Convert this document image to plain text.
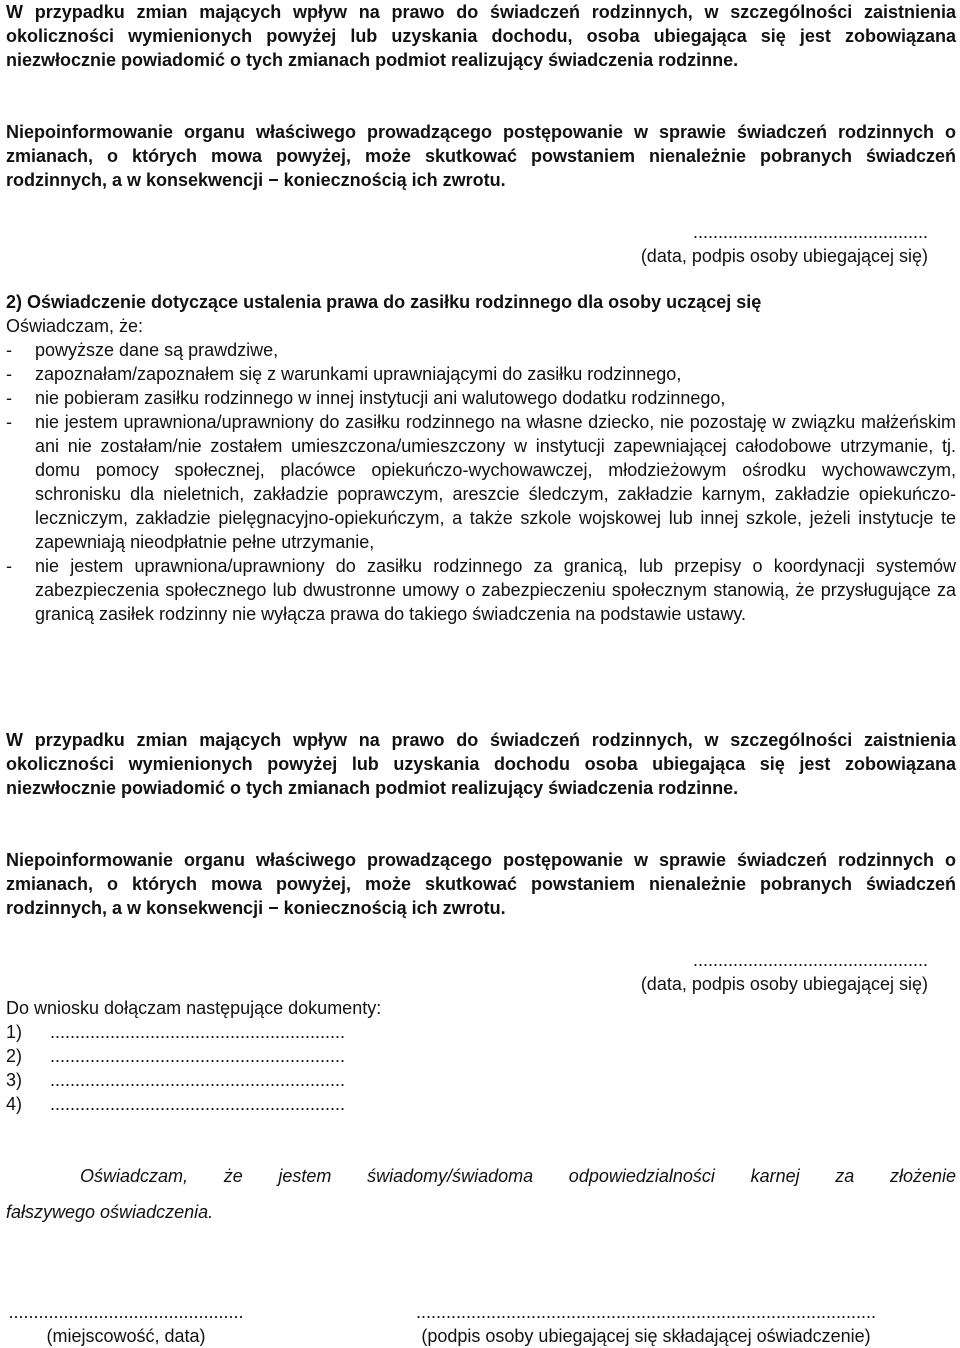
W przypadku zmian mających wpływ na prawo do świadczeń rodzinnych, w szczególności zaistnienia okoliczności wymienionych powyżej lub uzyskania dochodu, osoba ubiegająca się jest zobowiązana niezwłocznie powiadomić o tych zmianach podmiot realizujący świadczenia rodzinne.

Niepoinformowanie organu właściwego prowadzącego postępowanie w sprawie świadczeń rodzinnych o zmianach, o których mowa powyżej, może skutkować powstaniem nienależnie pobranych świadczeń rodzinnych, a w konsekwencji − koniecznością ich zwrotu.

...............................................
(data, podpis osoby ubiegającej się)
2) Oświadczenie dotyczące ustalenia prawa do zasiłku rodzinnego dla osoby uczącej się
Oświadczam, że:
- powyższe dane są prawdziwe,
- zapoznałam/zapoznałem się z warunkami uprawniającymi do zasiłku rodzinnego,
- nie pobieram zasiłku rodzinnego w innej instytucji ani walutowego dodatku rodzinnego,
- nie jestem uprawniona/uprawniony do zasiłku rodzinnego na własne dziecko, nie pozostaję w związku małżeńskim ani nie zostałam/nie zostałem umieszczona/umieszczony w instytucji zapewniającej całodobowe utrzymanie, tj. domu pomocy społecznej, placówce opiekuńczo-wychowawczej, młodzieżowym ośrodku wychowawczym, schronisku dla nieletnich, zakładzie poprawczym, areszcie śledczym, zakładzie karnym, zakładzie opiekuńczo-leczniczym, zakładzie pielęgnacyjno-opiekuńczym, a także szkole wojskowej lub innej szkole, jeżeli instytucje te zapewniają nieodpłatnie pełne utrzymanie,
- nie jestem uprawniona/uprawniony do zasiłku rodzinnego za granicą, lub przepisy o koordynacji systemów zabezpieczenia społecznego lub dwustronne umowy o zabezpieczeniu społecznym stanowią, że przysługujące za granicą zasiłek rodzinny nie wyłącza prawa do takiego świadczenia na podstawie ustawy.

W przypadku zmian mających wpływ na prawo do świadczeń rodzinnych, w szczególności zaistnienia okoliczności wymienionych powyżej lub uzyskania dochodu osoba ubiegająca się jest zobowiązana niezwłocznie powiadomić o tych zmianach podmiot realizujący świadczenia rodzinne.

Niepoinformowanie organu właściwego prowadzącego postępowanie w sprawie świadczeń rodzinnych o zmianach, o których mowa powyżej, może skutkować powstaniem nienależnie pobranych świadczeń rodzinnych, a w konsekwencji − koniecznością ich zwrotu.

...............................................
(data, podpis osoby ubiegającej się)
Do wniosku dołączam następujące dokumenty:
1) ...........................................................
2) ...........................................................
3) ...........................................................
4) ...........................................................

Oświadczam, że jestem świadomy/świadoma odpowiedzialności karnej za złożenie

fałszywego oświadczenia.

...............................................
(miejscowość, data)
............................................................................................
(podpis osoby ubiegającej się składającej oświadczenie)
